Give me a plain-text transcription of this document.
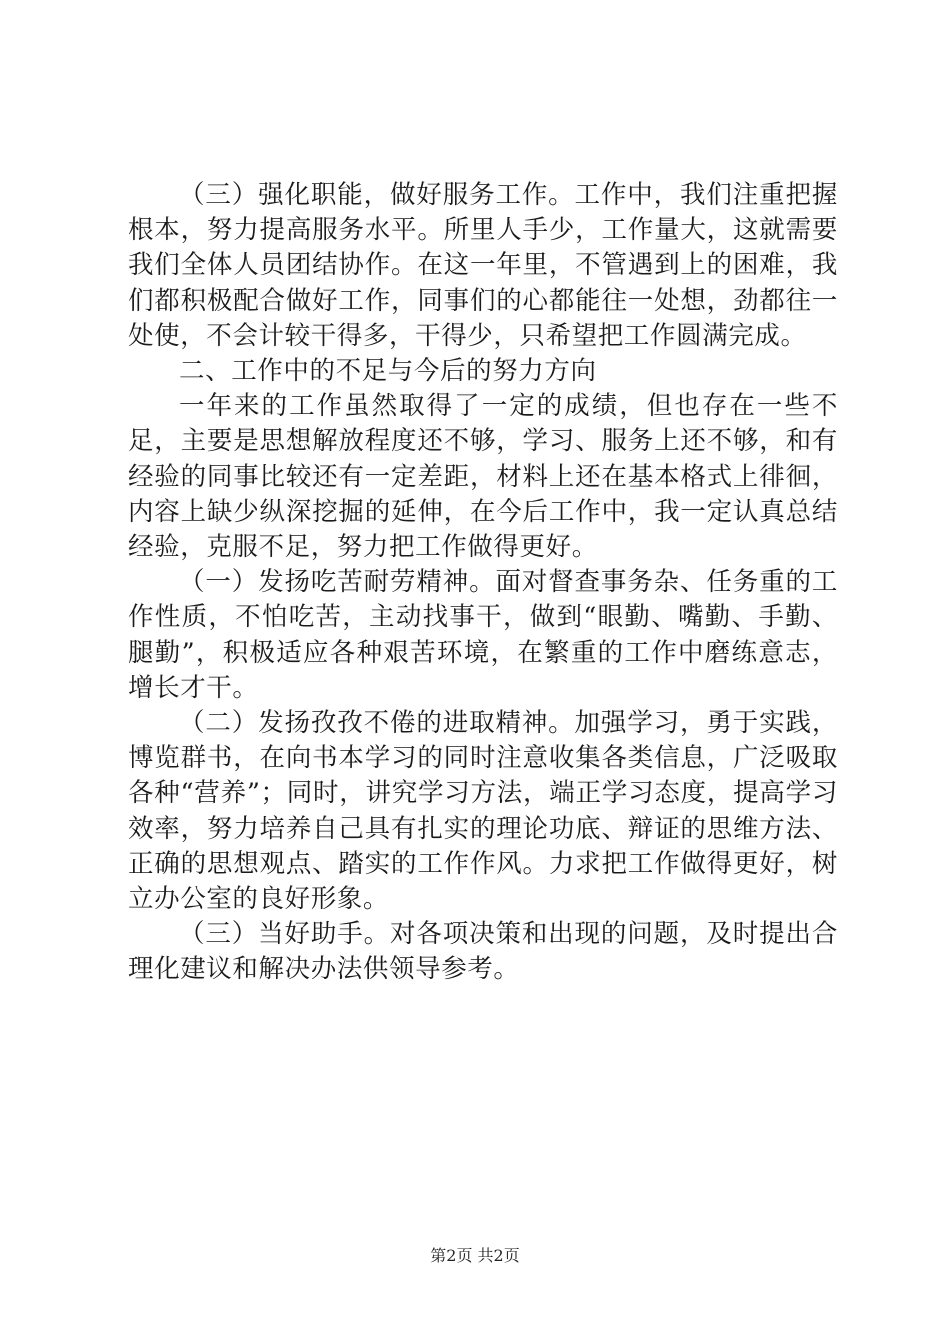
（三）强化职能，做好服务工作。工作中，我们注重把握根本，努力提高服务水平。所里人手少，工作量大，这就需要我们全体人员团结协作。在这一年里，不管遇到上的困难，我们都积极配合做好工作，同事们的心都能往一处想，劲都往一处使，不会计较干得多，干得少，只希望把工作圆满完成。

二、工作中的不足与今后的努力方向

一年来的工作虽然取得了一定的成绩，但也存在一些不足，主要是思想解放程度还不够，学习、服务上还不够，和有经验的同事比较还有一定差距，材料上还在基本格式上徘徊，内容上缺少纵深挖掘的延伸，在今后工作中，我一定认真总结经验，克服不足，努力把工作做得更好。

（一）发扬吃苦耐劳精神。面对督查事务杂、任务重的工作性质，不怕吃苦，主动找事干，做到“眼勤、嘴勤、手勤、腿勤”，积极适应各种艰苦环境，在繁重的工作中磨练意志，增长才干。

（二）发扬孜孜不倦的进取精神。加强学习，勇于实践，博览群书，在向书本学习的同时注意收集各类信息，广泛吸取各种“营养”；同时，讲究学习方法，端正学习态度，提高学习效率，努力培养自己具有扎实的理论功底、辩证的思维方法、正确的思想观点、踏实的工作作风。力求把工作做得更好，树立办公室的良好形象。

（三）当好助手。对各项决策和出现的问题，及时提出合理化建议和解决办法供领导参考。

第2页 共2页
